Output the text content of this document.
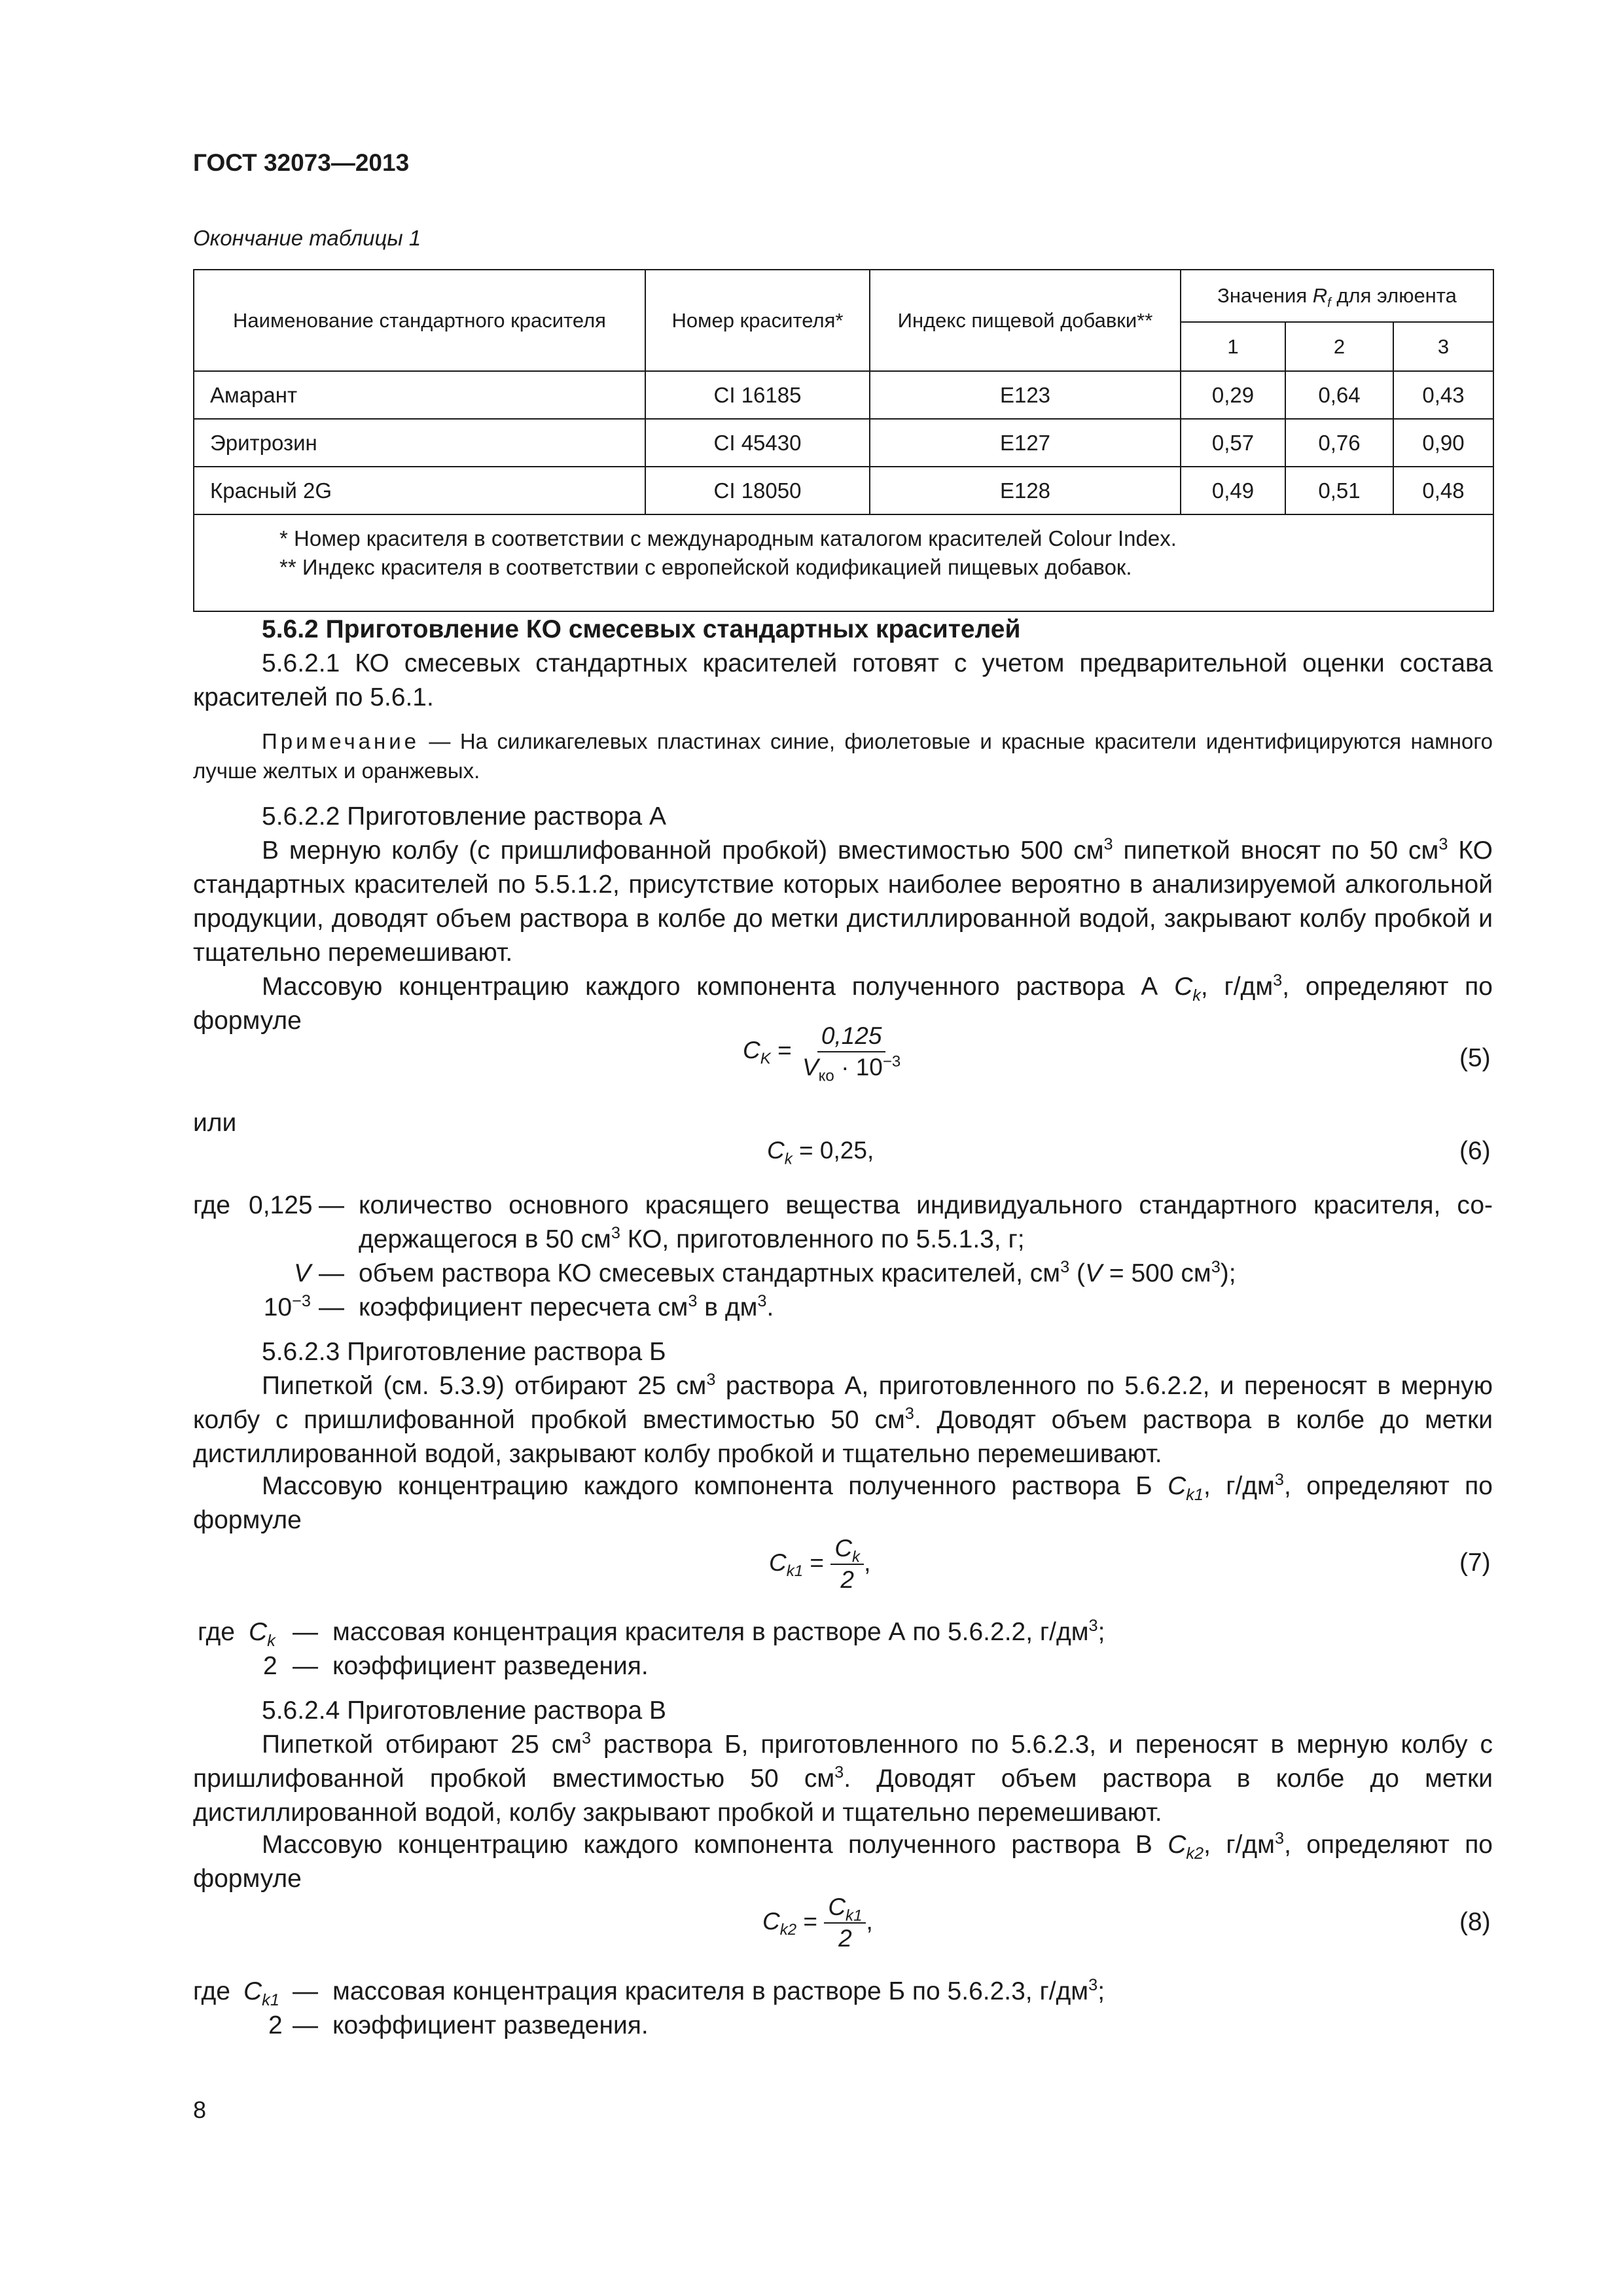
ГОСТ 32073—2013
Окончание таблицы 1
Наименование стандартного красителя	Номер красителя*	Индекс пищевой добавки**	Значения $R_f$ для элюента		
			1	2	3
Амарант	CI 16185	E123	0,29	0,64	0,43
Эритрозин	CI 45430	E127	0,57	0,76	0,90
Красный 2G	CI 18050	E128	0,49	0,51	0,48

* Номер красителя в соответствии с международным каталогом красителей Colour Index.
** Индекс красителя в соответствии с европейской кодификацией пищевых добавок.					
5.6.2 Приготовление КО смесевых стандартных красителей
5.6.2.1 КО смесевых стандартных красителей готовят с учетом предварительной оценки состава красителей по 5.6.1.
Примечание — На силикагелевых пластинах синие, фиолетовые и красные красители идентифицируются намного лучше желтых и оранжевых.
5.6.2.2 Приготовление раствора А
В мерную колбу (с пришлифованной пробкой) вместимостью 500 $см^3$ пипеткой вносят по 50 $см^3$ КО стандартных красителей по 5.5.1.2, присутствие которых наиболее вероятно в анализируемой алкогольной продукции, доводят объем раствора в колбе до метки дистиллированной водой, закрывают колбу пробкой и тщательно перемешивают.
Массовую концентрацию каждого компонента полученного раствора А $C_k$, $г/дм^3$, определяют по формуле
$C_K = \frac{0,125}{V_{ко} \cdot 10^{-3}}$	(5)
или
$C_k = 0,25$,	(6)
где 0,125 — количество основного красящего вещества индивидуального стандартного красителя, со-
держащегося в 50 $см^3$ КО, приготовленного по 5.5.1.3, г;
V — объем раствора КО смесевых стандартных красителей, $см^3$ (V = 500 $см^3$);
$10^{-3}$ — коэффициент пересчета $см^3$ в $дм^3$.
5.6.2.3 Приготовление раствора Б
Пипеткой (см. 5.3.9) отбирают 25 $см^3$ раствора А, приготовленного по 5.6.2.2, и переносят в мерную колбу с пришлифованной пробкой вместимостью 50 $см^3$. Доводят объем раствора в колбе до метки дистиллированной водой, закрывают колбу пробкой и тщательно перемешивают.
Массовую концентрацию каждого компонента полученного раствора Б $C_{k1}$, $г/дм^3$, определяют по формуле
$C_{k1} = \frac{C_k}{2}$ ,	(7)
где $C_k$ — массовая концентрация красителя в растворе А по 5.6.2.2, $г/дм^3$;
2 — коэффициент разведения.
5.6.2.4 Приготовление раствора В
Пипеткой отбирают 25 $см^3$ раствора Б, приготовленного по 5.6.2.3, и переносят в мерную колбу с пришлифованной пробкой вместимостью 50 $см^3$. Доводят объем раствора в колбе до метки дистиллированной водой, колбу закрывают пробкой и тщательно перемешивают.
Массовую концентрацию каждого компонента полученного раствора В $C_{k2}$, $г/дм^3$, определяют по формуле
$C_{k2} = \frac{C_{k1}}{2}$ ,	(8)
где $C_{k1}$ — массовая концентрация красителя в растворе Б по 5.6.2.3, $г/дм^3$;
2 — коэффициент разведения.
8
